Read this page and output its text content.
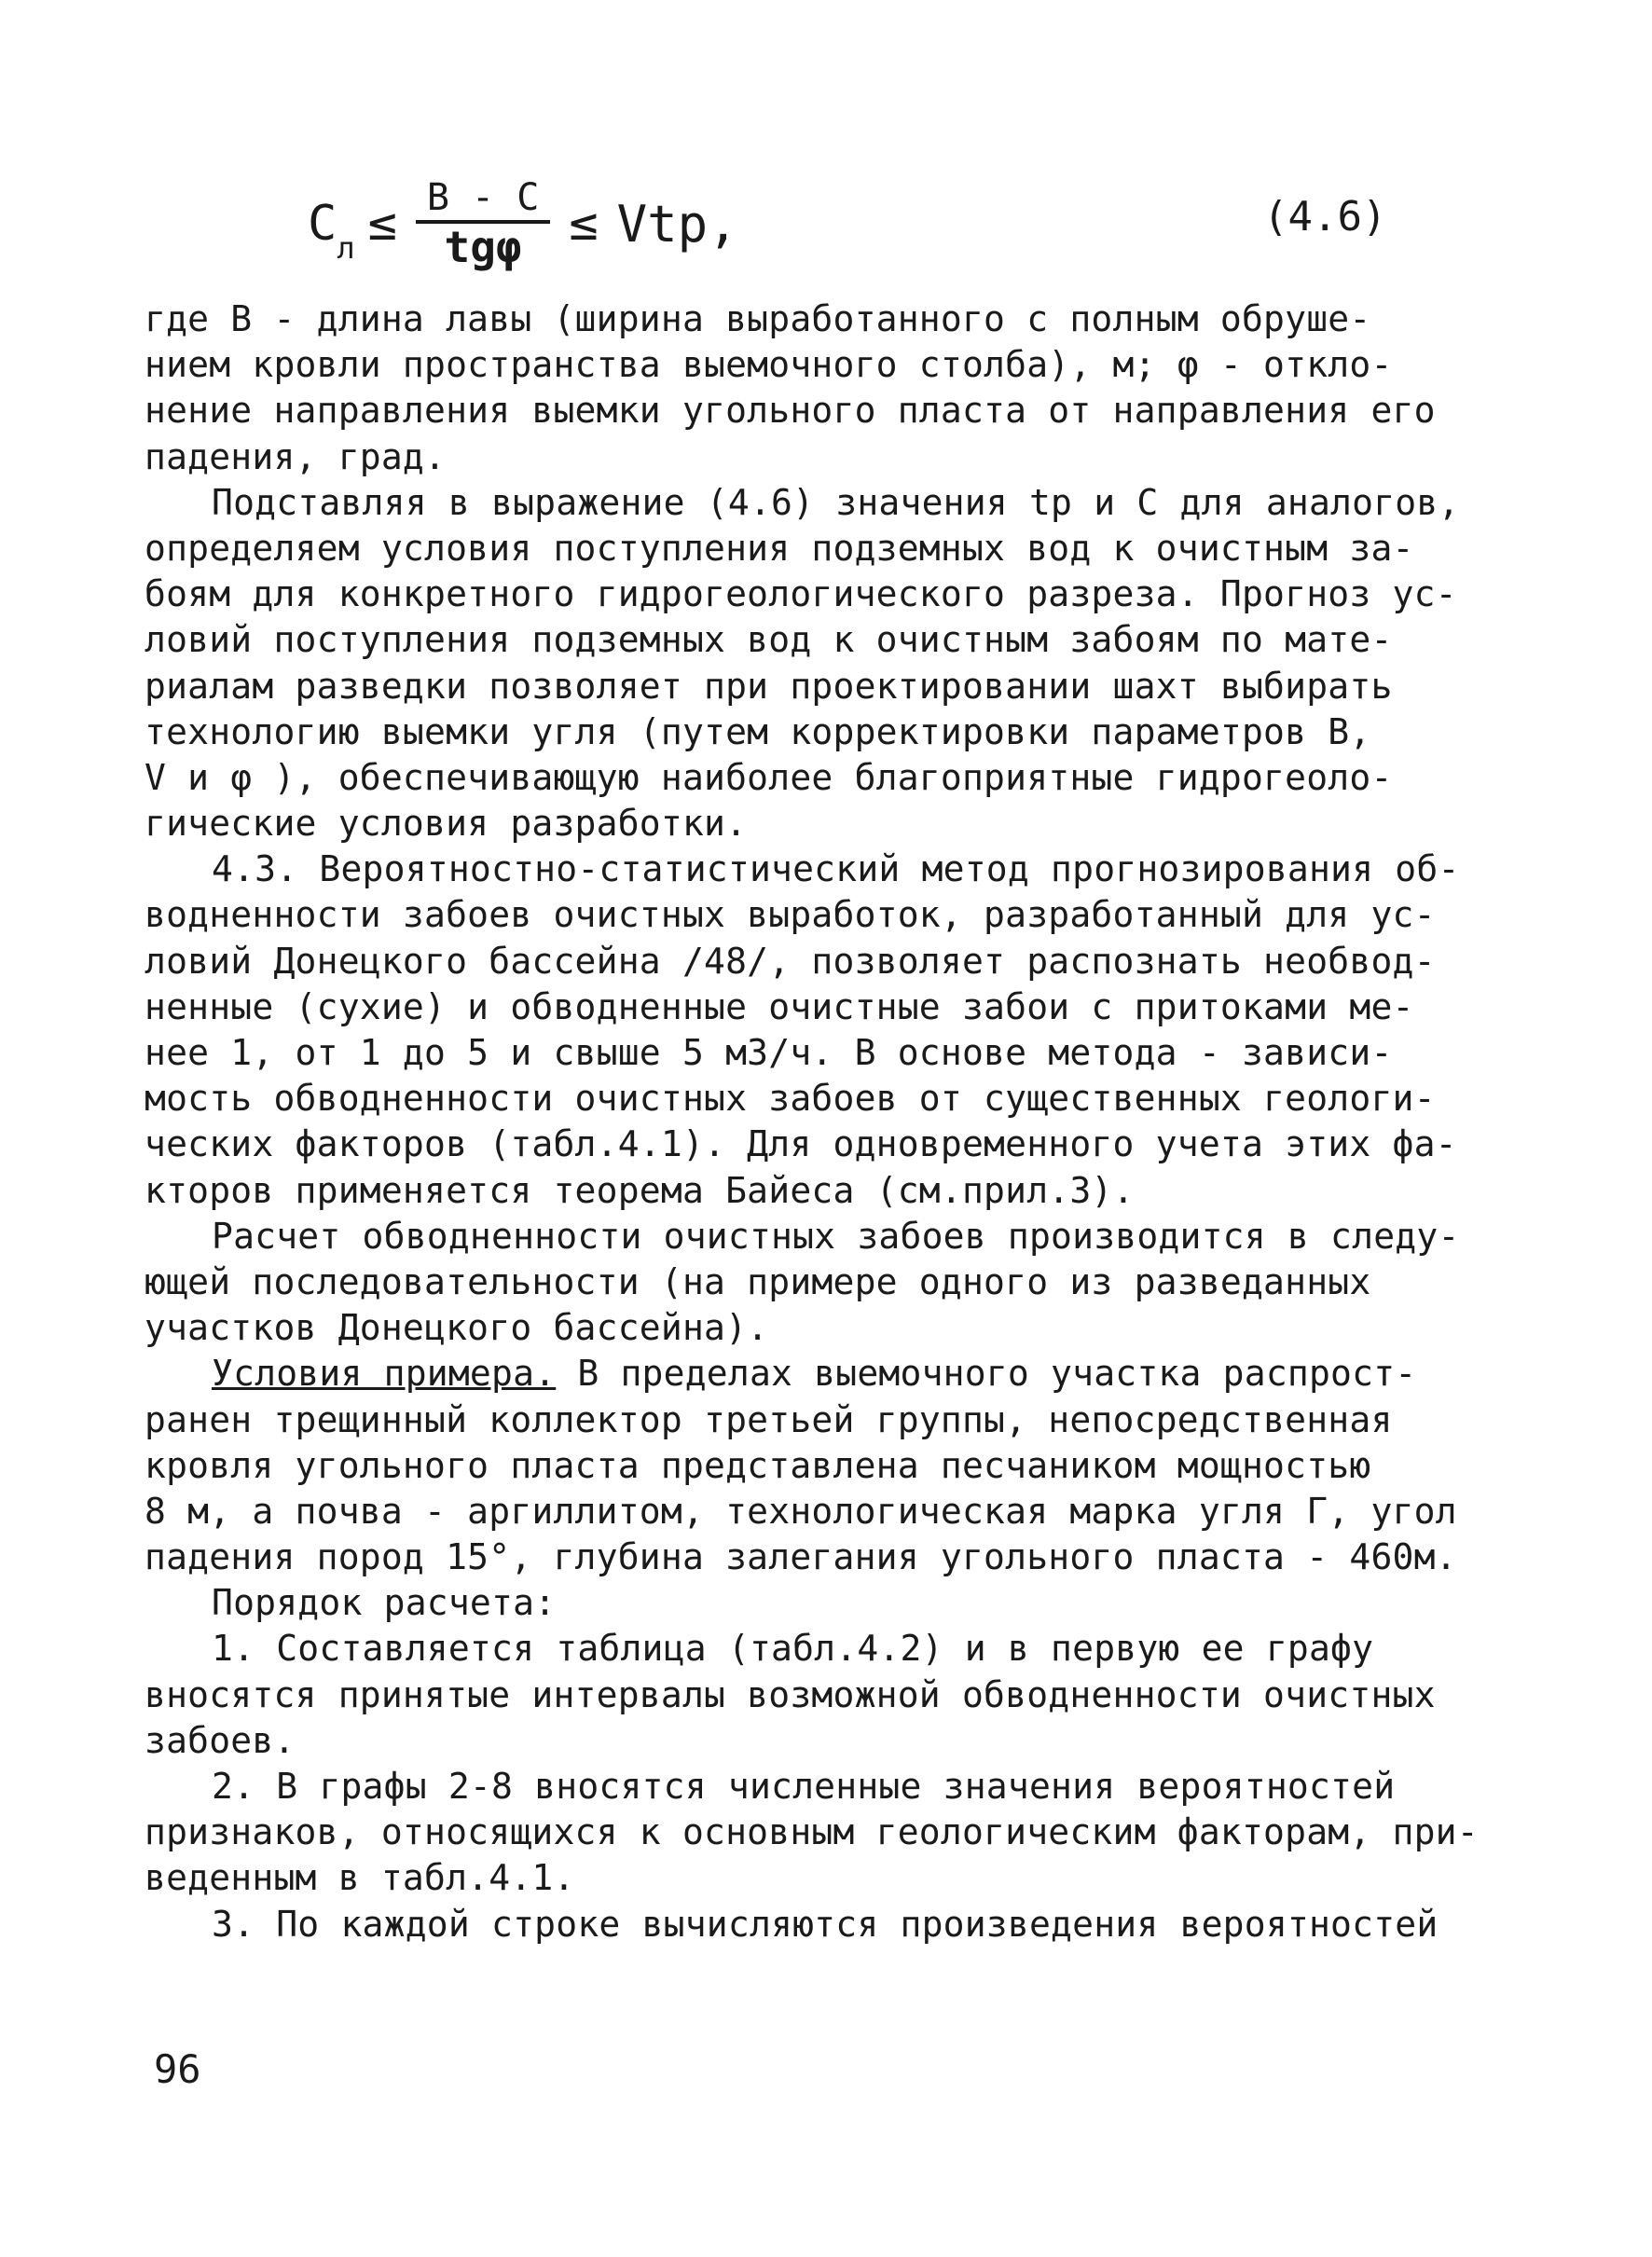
$C_л \le \frac{B - C}{\text{tgφ}}$ ≤ Vtp,	(4.6)
где B - длина лавы (ширина выработанного с полным обруше-
нием кровли пространства выемочного столба), м; φ - откло-
нение направления выемки угольного пласта от направления его
падения, град.
Подставляя в выражение (4.6) значения tp и C для аналогов,
определяем условия поступления подземных вод к очистным за-
боям для конкретного гидрогеологического разреза. Прогноз ус-
ловий поступления подземных вод к очистным забоям по мате-
риалам разведки позволяет при проектировании шахт выбирать
технологию выемки угля (путем корректировки параметров B,
V и φ ), обеспечивающую наиболее благоприятные гидрогеоло-
гические условия разработки.
4.3. Вероятностно-статистический метод прогнозирования об-
водненности забоев очистных выработок, разработанный для ус-
ловий Донецкого бассейна /48/, позволяет распознать необвод-
ненные (сухие) и обводненные очистные забои с притоками ме-
нее 1, от 1 до 5 и свыше 5 м3/ч. В основе метода - зависи-
мость обводненности очистных забоев от существенных геологи-
ческих факторов (табл.4.1). Для одновременного учета этих фа-
кторов применяется теорема Байеса (см.прил.3).
Расчет обводненности очистных забоев производится в следу-
ющей последовательности (на примере одного из разведанных
участков Донецкого бассейна).
Условия примера. В пределах выемочного участка распрост-
ранен трещинный коллектор третьей группы, непосредственная
кровля угольного пласта представлена песчаником мощностью
8 м, а почва - аргиллитом, технологическая марка угля Г, угол
падения пород 15°, глубина залегания угольного пласта - 460м.
Порядок расчета:
1. Составляется таблица (табл.4.2) и в первую ее графу
вносятся принятые интервалы возможной обводненности очистных
забоев.
2. В графы 2-8 вносятся численные значения вероятностей
признаков, относящихся к основным геологическим факторам, при-
веденным в табл.4.1.
3. По каждой строке вычисляются произведения вероятностей
96
